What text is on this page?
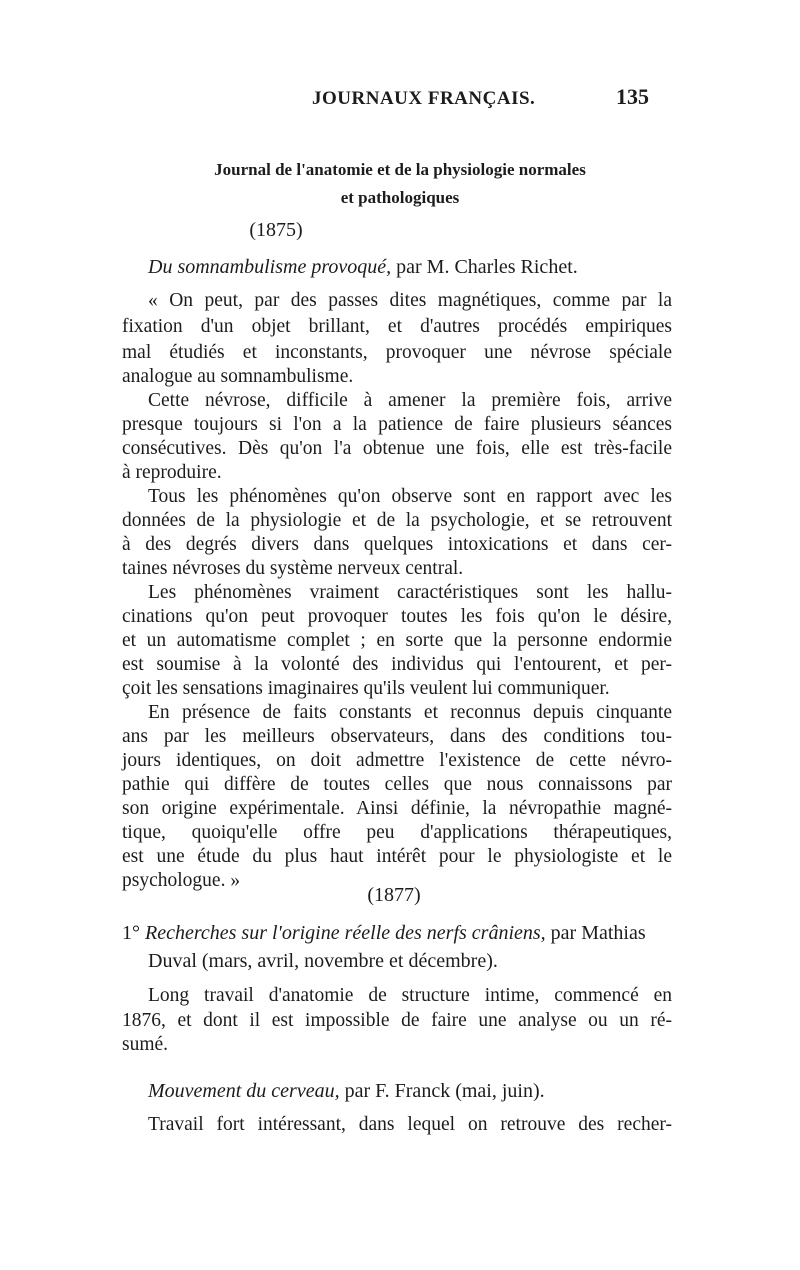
JOURNAUX FRANÇAIS.	135
Journal de l'anatomie et de la physiologie normales
et pathologiques
(1875)
Du somnambulisme provoqué, par M. Charles Richet.
« On peut, par des passes dites magnétiques, comme par la
fixation d'un objet brillant, et d'autres procédés empiriques
mal étudiés et inconstants, provoquer une névrose spéciale
analogue au somnambulisme.
Cette névrose, difficile à amener la première fois, arrive
presque toujours si l'on a la patience de faire plusieurs séances
consécutives. Dès qu'on l'a obtenue une fois, elle est très-facile
à reproduire.
Tous les phénomènes qu'on observe sont en rapport avec les
données de la physiologie et de la psychologie, et se retrouvent
à des degrés divers dans quelques intoxications et dans cer-
taines névroses du système nerveux central.
Les phénomènes vraiment caractéristiques sont les hallu-
cinations qu'on peut provoquer toutes les fois qu'on le désire,
et un automatisme complet ; en sorte que la personne endormie
est soumise à la volonté des individus qui l'entourent, et per-
çoit les sensations imaginaires qu'ils veulent lui communiquer.
En présence de faits constants et reconnus depuis cinquante
ans par les meilleurs observateurs, dans des conditions tou-
jours identiques, on doit admettre l'existence de cette névro-
pathie qui diffère de toutes celles que nous connaissons par
son origine expérimentale. Ainsi définie, la névropathie magné-
tique, quoiqu'elle offre peu d'applications thérapeutiques,
est une étude du plus haut intérêt pour le physiologiste et le
psychologue. »
(1877)
1° Recherches sur l'origine réelle des nerfs crâniens, par Mathias
Duval (mars, avril, novembre et décembre).
Long travail d'anatomie de structure intime, commencé en
1876, et dont il est impossible de faire une analyse ou un ré-
sumé.
Mouvement du cerveau, par F. Franck (mai, juin).
Travail fort intéressant, dans lequel on retrouve des recher-
